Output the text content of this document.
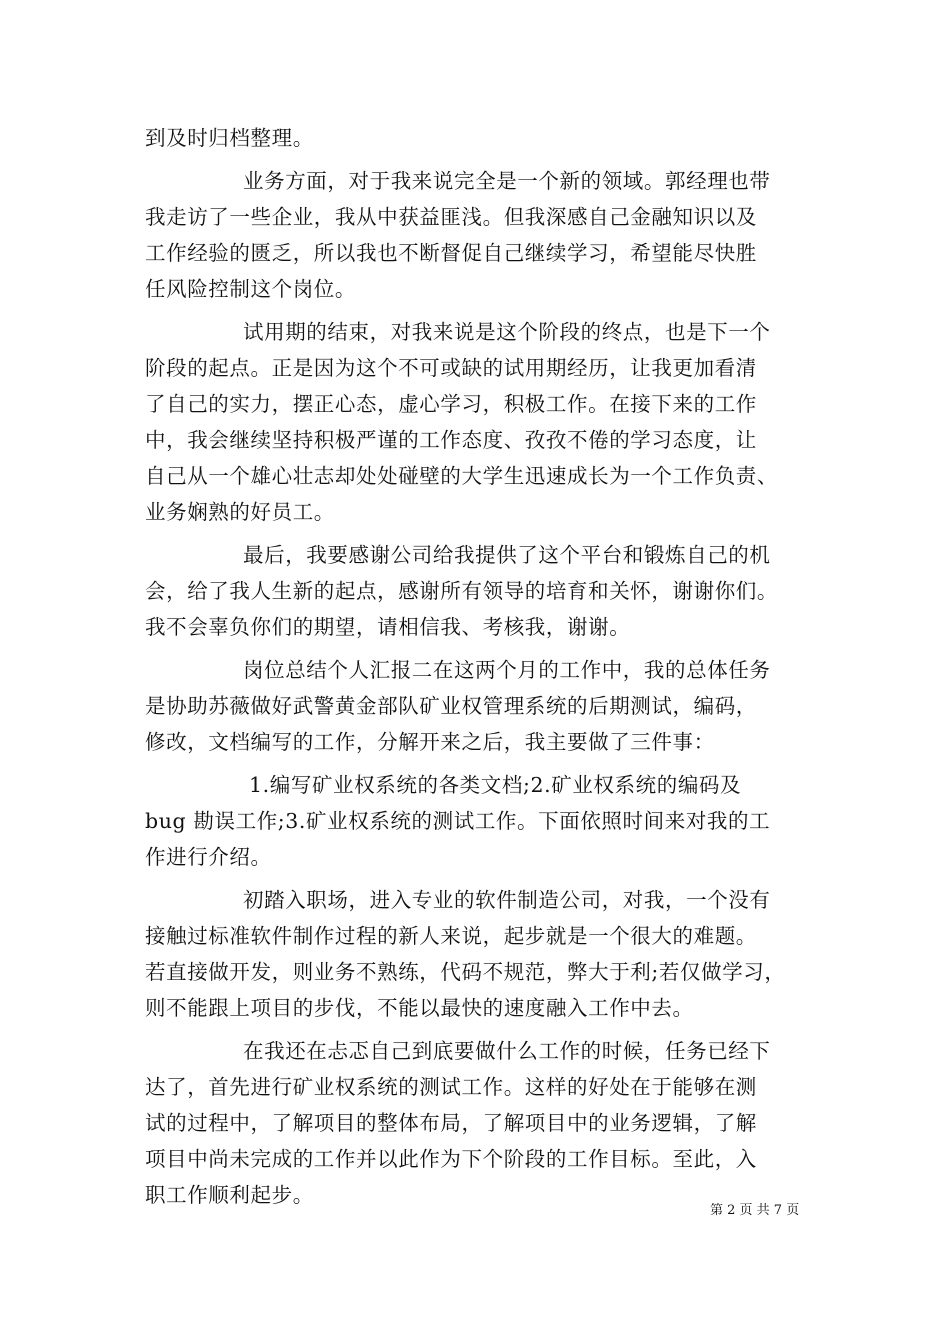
到及时归档整理。
业务方面，对于我来说完全是一个新的领域。郭经理也带
我走访了一些企业，我从中获益匪浅。但我深感自己金融知识以及
工作经验的匮乏，所以我也不断督促自己继续学习，希望能尽快胜
任风险控制这个岗位。
试用期的结束，对我来说是这个阶段的终点，也是下一个
阶段的起点。正是因为这个不可或缺的试用期经历，让我更加看清
了自己的实力，摆正心态，虚心学习，积极工作。在接下来的工作
中，我会继续坚持积极严谨的工作态度、孜孜不倦的学习态度，让
自己从一个雄心壮志却处处碰壁的大学生迅速成长为一个工作负责、
业务娴熟的好员工。
最后，我要感谢公司给我提供了这个平台和锻炼自己的机
会，给了我人生新的起点，感谢所有领导的培育和关怀，谢谢你们。
我不会辜负你们的期望，请相信我、考核我，谢谢。
岗位总结个人汇报二在这两个月的工作中，我的总体任务
是协助苏薇做好武警黄金部队矿业权管理系统的后期测试，编码，
修改，文档编写的工作，分解开来之后，我主要做了三件事：
1.编写矿业权系统的各类文档;2.矿业权系统的编码及
bug 勘误工作;3.矿业权系统的测试工作。下面依照时间来对我的工
作进行介绍。
初踏入职场，进入专业的软件制造公司，对我，一个没有
接触过标准软件制作过程的新人来说，起步就是一个很大的难题。
若直接做开发，则业务不熟练，代码不规范，弊大于利;若仅做学习，
则不能跟上项目的步伐，不能以最快的速度融入工作中去。
在我还在忐忑自己到底要做什么工作的时候，任务已经下
达了，首先进行矿业权系统的测试工作。这样的好处在于能够在测
试的过程中，了解项目的整体布局，了解项目中的业务逻辑，了解
项目中尚未完成的工作并以此作为下个阶段的工作目标。至此，入
职工作顺利起步。
第 2 页 共 7 页
